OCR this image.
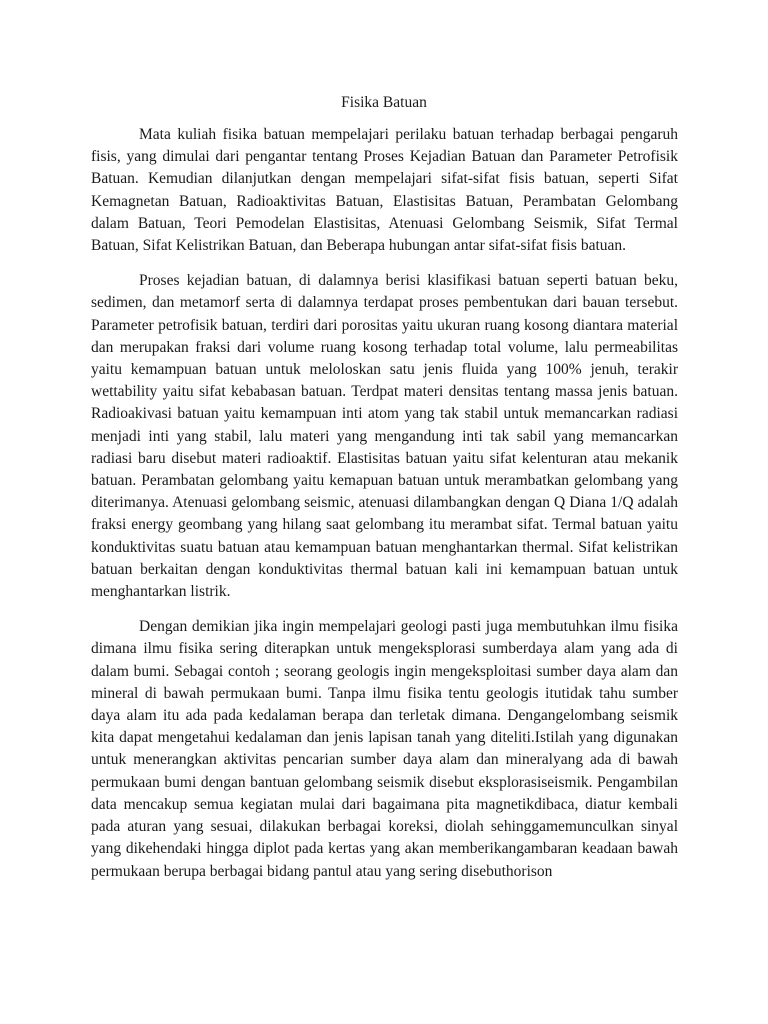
Fisika Batuan

Mata kuliah fisika batuan mempelajari perilaku batuan terhadap berbagai pengaruh fisis, yang dimulai dari pengantar tentang Proses Kejadian Batuan dan Parameter Petrofisik Batuan. Kemudian dilanjutkan dengan mempelajari sifat-sifat fisis batuan, seperti Sifat Kemagnetan Batuan, Radioaktivitas Batuan, Elastisitas Batuan, Perambatan Gelombang dalam Batuan, Teori Pemodelan Elastisitas, Atenuasi Gelombang Seismik, Sifat Termal Batuan, Sifat Kelistrikan Batuan, dan Beberapa hubungan antar sifat-sifat fisis batuan.

Proses kejadian batuan, di dalamnya berisi klasifikasi batuan seperti batuan beku, sedimen, dan metamorf serta di dalamnya terdapat proses pembentukan dari bauan tersebut. Parameter petrofisik batuan, terdiri dari porositas yaitu ukuran ruang kosong diantara material dan merupakan fraksi dari volume ruang kosong terhadap total volume, lalu permeabilitas yaitu kemampuan batuan untuk meloloskan satu jenis fluida yang 100% jenuh, terakir wettability yaitu sifat kebabasan batuan. Terdpat materi densitas tentang massa jenis batuan. Radioakivasi batuan yaitu kemampuan inti atom yang tak stabil untuk memancarkan radiasi menjadi inti yang stabil, lalu materi yang mengandung inti tak sabil yang memancarkan radiasi baru disebut materi radioaktif. Elastisitas batuan yaitu sifat kelenturan atau mekanik batuan. Perambatan gelombang yaitu kemapuan batuan untuk merambatkan gelombang yang diterimanya. Atenuasi gelombang seismic, atenuasi dilambangkan dengan Q Diana 1/Q adalah fraksi energy geombang yang hilang saat gelombang itu merambat sifat. Termal batuan yaitu konduktivitas suatu batuan atau kemampuan batuan menghantarkan thermal. Sifat kelistrikan batuan berkaitan dengan konduktivitas thermal batuan kali ini kemampuan batuan untuk menghantarkan listrik.

Dengan demikian jika ingin mempelajari geologi pasti juga membutuhkan ilmu fisika dimana ilmu fisika sering diterapkan untuk mengeksplorasi sumberdaya alam yang ada di dalam bumi. Sebagai contoh ; seorang geologis ingin mengeksploitasi sumber daya alam dan mineral di bawah permukaan bumi. Tanpa ilmu fisika tentu geologis itutidak tahu sumber daya alam itu ada pada kedalaman berapa dan terletak dimana. Dengangelombang seismik kita dapat mengetahui kedalaman dan jenis lapisan tanah yang diteliti.Istilah yang digunakan untuk menerangkan aktivitas pencarian sumber daya alam dan mineralyang ada di bawah permukaan bumi dengan bantuan gelombang seismik disebut eksplorasiseismik. Pengambilan data mencakup semua kegiatan mulai dari bagaimana pita magnetikdibaca, diatur kembali pada aturan yang sesuai, dilakukan berbagai koreksi, diolah sehinggamemunculkan sinyal yang dikehendaki hingga diplot pada kertas yang akan memberikangambaran keadaan bawah permukaan berupa berbagai bidang pantul atau yang sering disebuthorison
